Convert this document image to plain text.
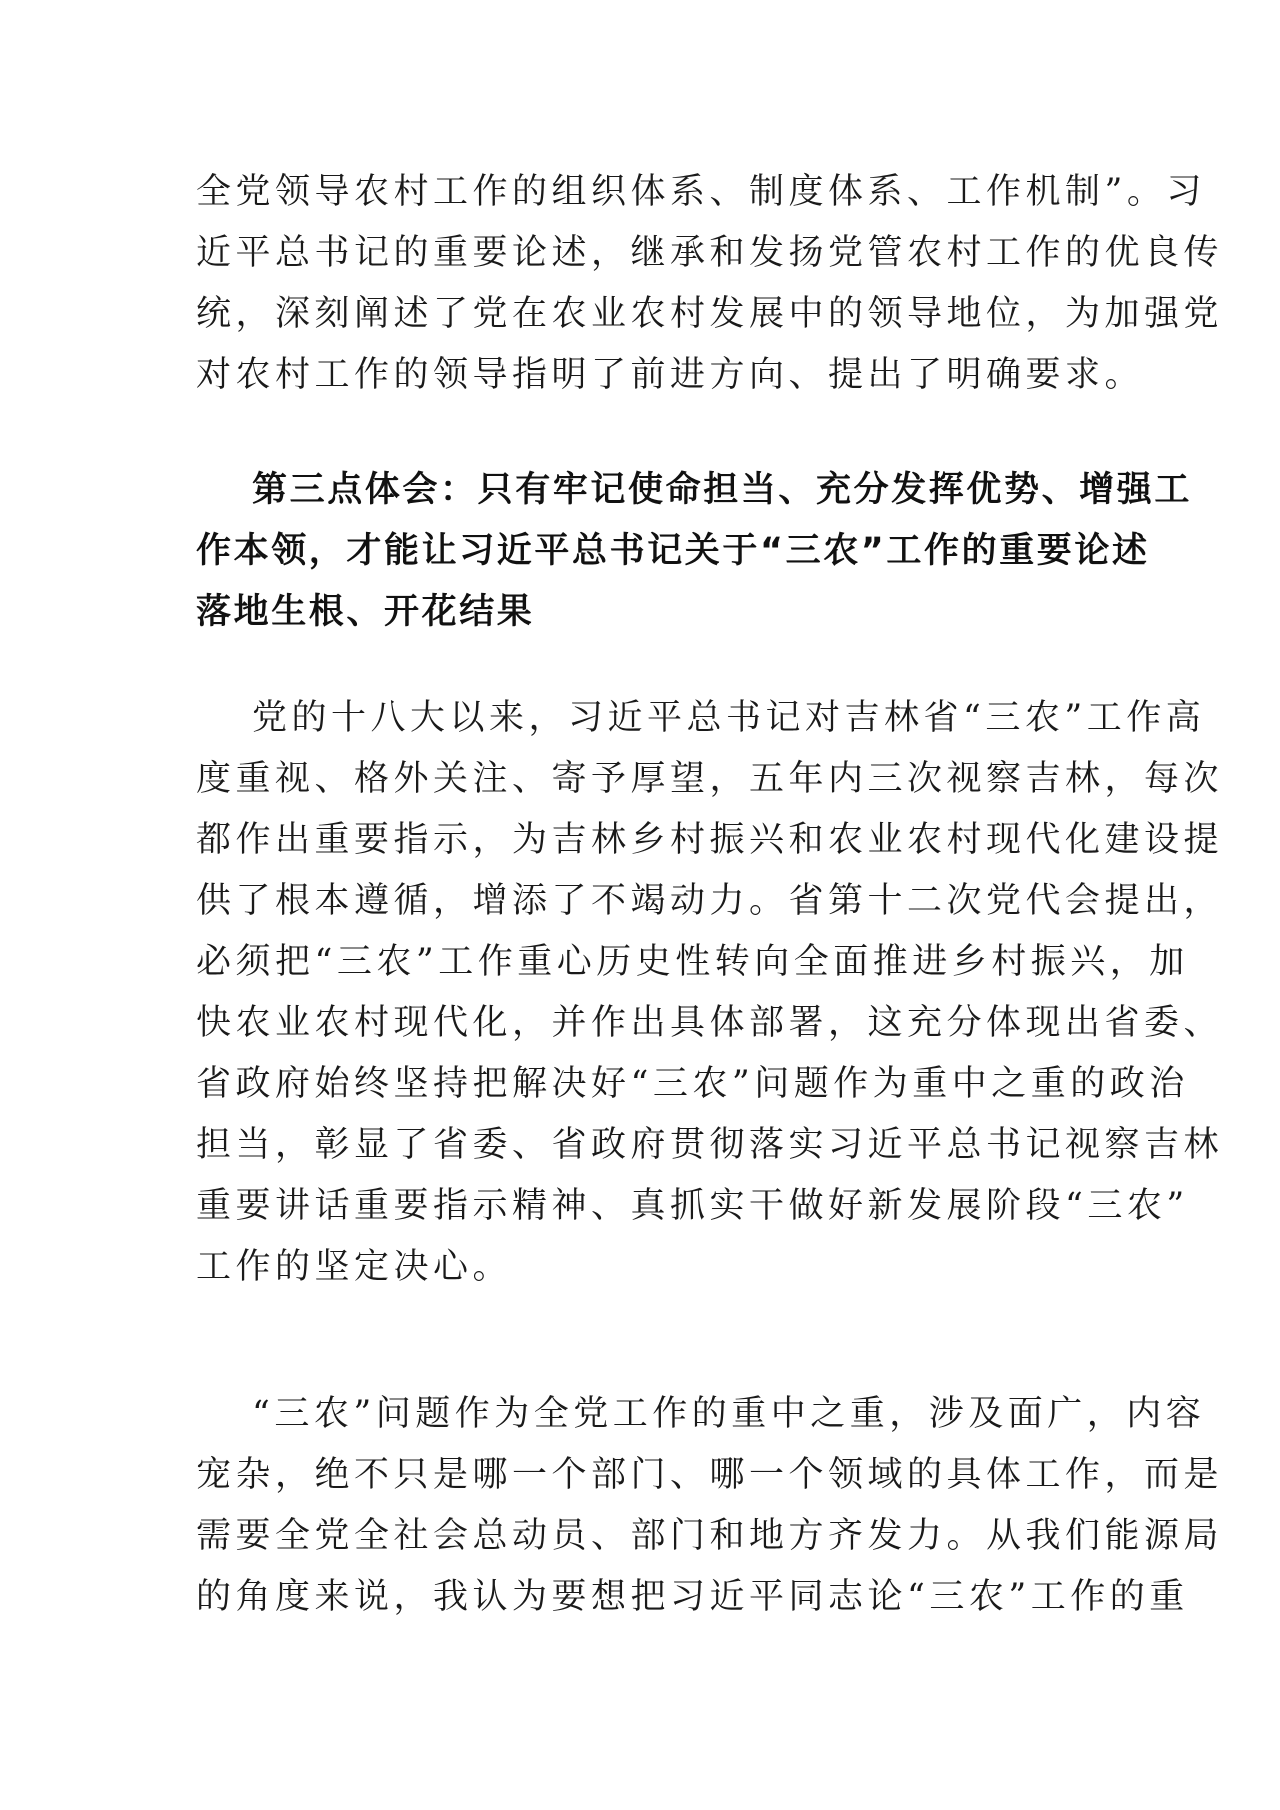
全党领导农村工作的组织体系、制度体系、工作机制”。习
近平总书记的重要论述，继承和发扬党管农村工作的优良传
统，深刻阐述了党在农业农村发展中的领导地位，为加强党
对农村工作的领导指明了前进方向、提出了明确要求。
第三点体会：只有牢记使命担当、充分发挥优势、增强工
作本领，才能让习近平总书记关于“三农”工作的重要论述
落地生根、开花结果
党的十八大以来，习近平总书记对吉林省“三农”工作高
度重视、格外关注、寄予厚望，五年内三次视察吉林，每次
都作出重要指示，为吉林乡村振兴和农业农村现代化建设提
供了根本遵循，增添了不竭动力。省第十二次党代会提出，
必须把“三农”工作重心历史性转向全面推进乡村振兴，加
快农业农村现代化，并作出具体部署，这充分体现出省委、
省政府始终坚持把解决好“三农”问题作为重中之重的政治
担当，彰显了省委、省政府贯彻落实习近平总书记视察吉林
重要讲话重要指示精神、真抓实干做好新发展阶段“三农”
工作的坚定决心。
“三农”问题作为全党工作的重中之重，涉及面广，内容
宠杂，绝不只是哪一个部门、哪一个领域的具体工作，而是
需要全党全社会总动员、部门和地方齐发力。从我们能源局
的角度来说，我认为要想把习近平同志论“三农”工作的重
